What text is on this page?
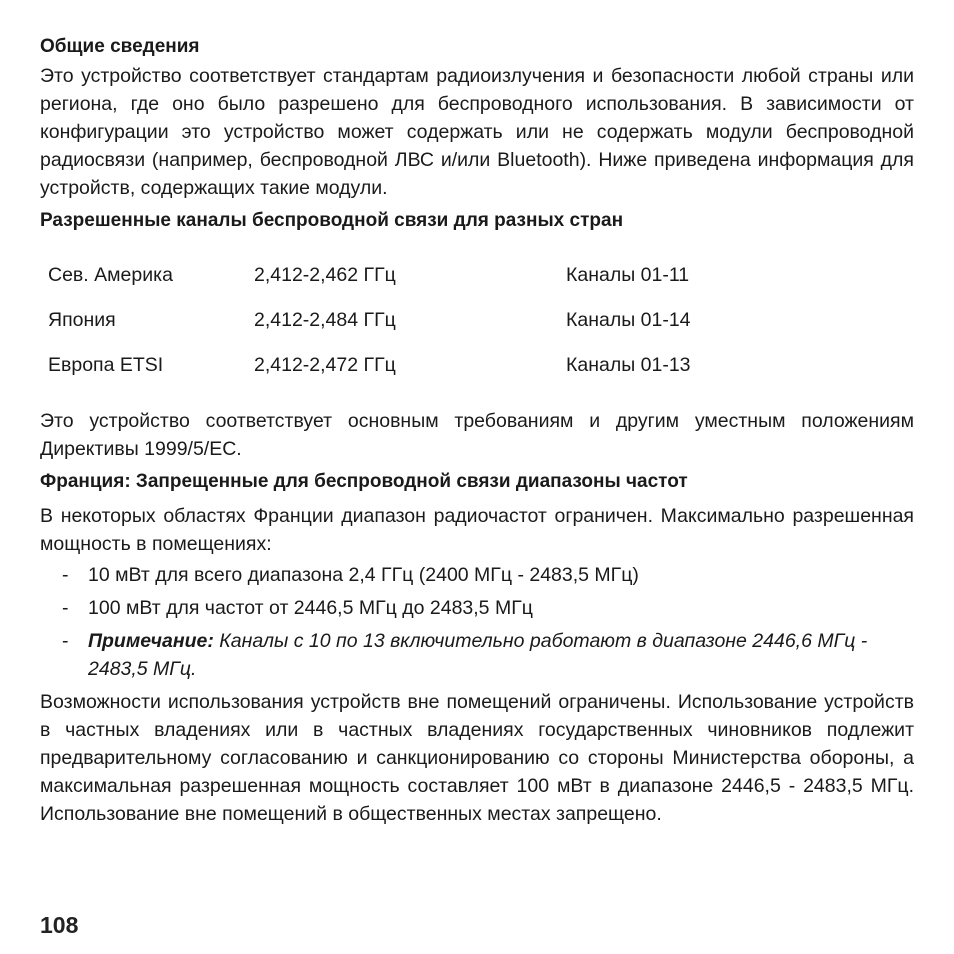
Общие сведения

Это устройство соответствует стандартам радиоизлучения и безопасности любой страны или региона, где оно было разрешено для беспроводного использования. В зависимости от конфигурации это устройство может содержать или не содержать модули беспроводной радиосвязи (например, беспроводной ЛВС и/или Bluetooth). Ниже приведена информация для устройств, содержащих такие модули.

Разрешенные каналы беспроводной связи для разных стран

Сев. Америка	2,412-2,462 ГГц	Каналы 01-11
Япония	2,412-2,484 ГГц	Каналы 01-14
Европа ETSI	2,412-2,472 ГГц	Каналы 01-13

Это устройство соответствует основным требованиям и другим уместным положениям Директивы 1999/5/EC.

Франция: Запрещенные для беспроводной связи диапазоны частот

В некоторых областях Франции диапазон радиочастот ограничен. Максимально разрешенная мощность в помещениях:

- 10 мВт для всего диапазона 2,4 ГГц (2400 МГц - 2483,5 МГц)
- 100 мВт для частот от 2446,5 МГц до 2483,5 МГц
- Примечание: Каналы с 10 по 13 включительно работают в диапазоне 2446,6 МГц - 2483,5 МГц.

Возможности использования устройств вне помещений ограничены. Использование устройств в частных владениях или в частных владениях государственных чиновников подлежит предварительному согласованию и санкционированию со стороны Министерства обороны, а максимальная разрешенная мощность составляет 100 мВт в диапазоне 2446,5 - 2483,5 МГц. Использование вне помещений в общественных местах запрещено.

108
